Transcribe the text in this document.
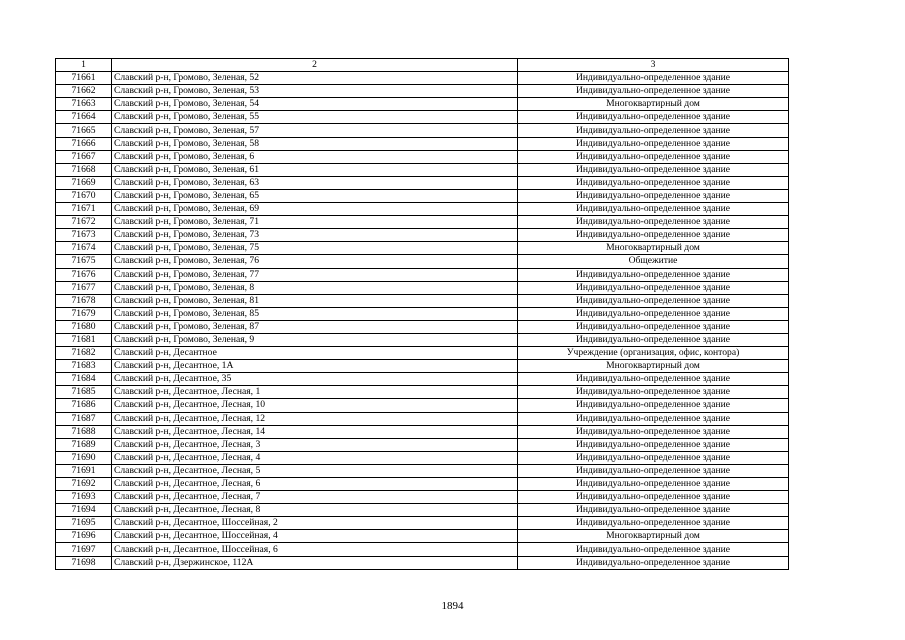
1	2	3
71661	Славский р-н, Громово, Зеленая, 52	Индивидуально-определенное здание
71662	Славский р-н, Громово, Зеленая, 53	Индивидуально-определенное здание
71663	Славский р-н, Громово, Зеленая, 54	Многоквартирный дом
71664	Славский р-н, Громово, Зеленая, 55	Индивидуально-определенное здание
71665	Славский р-н, Громово, Зеленая, 57	Индивидуально-определенное здание
71666	Славский р-н, Громово, Зеленая, 58	Индивидуально-определенное здание
71667	Славский р-н, Громово, Зеленая, 6	Индивидуально-определенное здание
71668	Славский р-н, Громово, Зеленая, 61	Индивидуально-определенное здание
71669	Славский р-н, Громово, Зеленая, 63	Индивидуально-определенное здание
71670	Славский р-н, Громово, Зеленая, 65	Индивидуально-определенное здание
71671	Славский р-н, Громово, Зеленая, 69	Индивидуально-определенное здание
71672	Славский р-н, Громово, Зеленая, 71	Индивидуально-определенное здание
71673	Славский р-н, Громово, Зеленая, 73	Индивидуально-определенное здание
71674	Славский р-н, Громово, Зеленая, 75	Многоквартирный дом
71675	Славский р-н, Громово, Зеленая, 76	Общежитие
71676	Славский р-н, Громово, Зеленая, 77	Индивидуально-определенное здание
71677	Славский р-н, Громово, Зеленая, 8	Индивидуально-определенное здание
71678	Славский р-н, Громово, Зеленая, 81	Индивидуально-определенное здание
71679	Славский р-н, Громово, Зеленая, 85	Индивидуально-определенное здание
71680	Славский р-н, Громово, Зеленая, 87	Индивидуально-определенное здание
71681	Славский р-н, Громово, Зеленая, 9	Индивидуально-определенное здание
71682	Славский р-н, Десантное	Учреждение (организация, офис, контора)
71683	Славский р-н, Десантное, 1А	Многоквартирный дом
71684	Славский р-н, Десантное, 35	Индивидуально-определенное здание
71685	Славский р-н, Десантное, Лесная, 1	Индивидуально-определенное здание
71686	Славский р-н, Десантное, Лесная, 10	Индивидуально-определенное здание
71687	Славский р-н, Десантное, Лесная, 12	Индивидуально-определенное здание
71688	Славский р-н, Десантное, Лесная, 14	Индивидуально-определенное здание
71689	Славский р-н, Десантное, Лесная, 3	Индивидуально-определенное здание
71690	Славский р-н, Десантное, Лесная, 4	Индивидуально-определенное здание
71691	Славский р-н, Десантное, Лесная, 5	Индивидуально-определенное здание
71692	Славский р-н, Десантное, Лесная, 6	Индивидуально-определенное здание
71693	Славский р-н, Десантное, Лесная, 7	Индивидуально-определенное здание
71694	Славский р-н, Десантное, Лесная, 8	Индивидуально-определенное здание
71695	Славский р-н, Десантное, Шоссейная, 2	Индивидуально-определенное здание
71696	Славский р-н, Десантное, Шоссейная, 4	Многоквартирный дом
71697	Славский р-н, Десантное, Шоссейная, 6	Индивидуально-определенное здание
71698	Славский р-н, Дзержинское, 112А	Индивидуально-определенное здание
1894
